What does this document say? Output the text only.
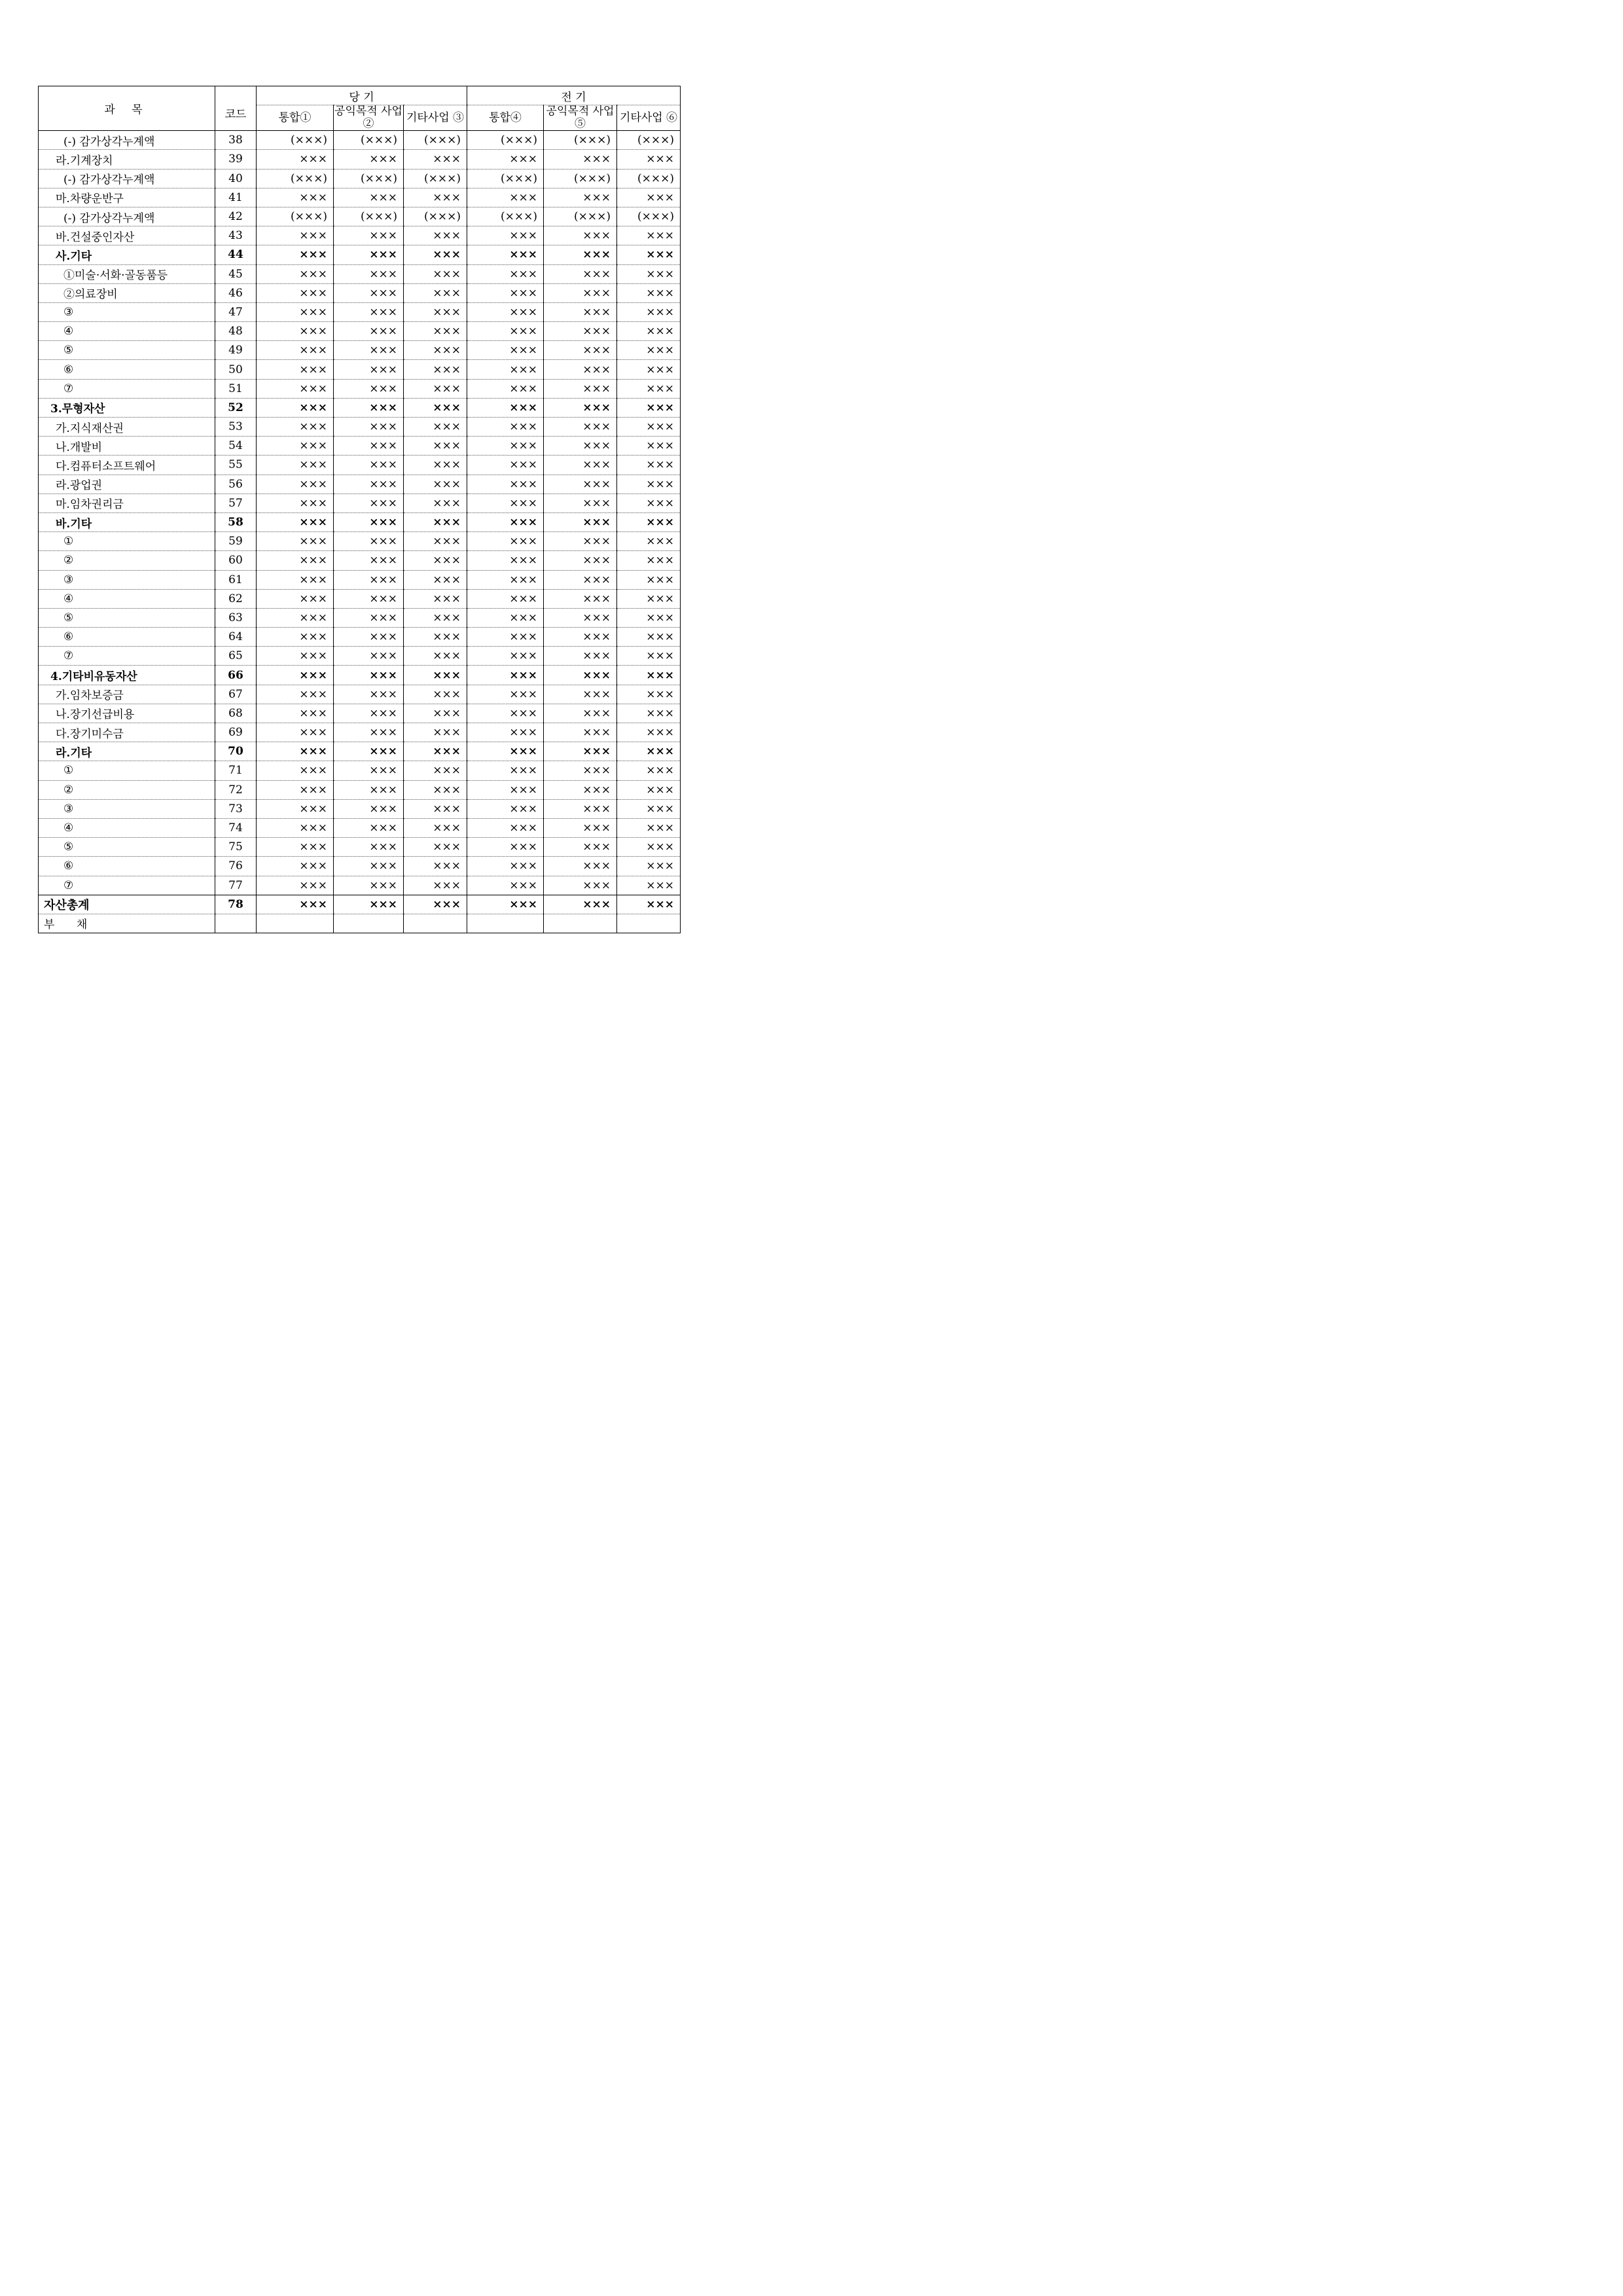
과 목	코드	당 기			전 기		
		통합①	공익목적 사업②	기타사업 ③	통합④	공익목적 사업⑤	기타사업 ⑥
(-) 감가상각누계액	38	(×××)	(×××)	(×××)	(×××)	(×××)	(×××)
라.기계장치	39	×××	×××	×××	×××	×××	×××
(-) 감가상각누계액	40	(×××)	(×××)	(×××)	(×××)	(×××)	(×××)
마.차량운반구	41	×××	×××	×××	×××	×××	×××
(-) 감가상각누계액	42	(×××)	(×××)	(×××)	(×××)	(×××)	(×××)
바.건설중인자산	43	×××	×××	×××	×××	×××	×××
사.기타	44	×××	×××	×××	×××	×××	×××
①미술·서화·골동품등	45	×××	×××	×××	×××	×××	×××
②의료장비	46	×××	×××	×××	×××	×××	×××
③	47	×××	×××	×××	×××	×××	×××
④	48	×××	×××	×××	×××	×××	×××
⑤	49	×××	×××	×××	×××	×××	×××
⑥	50	×××	×××	×××	×××	×××	×××
⑦	51	×××	×××	×××	×××	×××	×××
3.무형자산	52	×××	×××	×××	×××	×××	×××
가.지식재산권	53	×××	×××	×××	×××	×××	×××
나.개발비	54	×××	×××	×××	×××	×××	×××
다.컴퓨터소프트웨어	55	×××	×××	×××	×××	×××	×××
라.광업권	56	×××	×××	×××	×××	×××	×××
마.임차권리금	57	×××	×××	×××	×××	×××	×××
바.기타	58	×××	×××	×××	×××	×××	×××
①	59	×××	×××	×××	×××	×××	×××
②	60	×××	×××	×××	×××	×××	×××
③	61	×××	×××	×××	×××	×××	×××
④	62	×××	×××	×××	×××	×××	×××
⑤	63	×××	×××	×××	×××	×××	×××
⑥	64	×××	×××	×××	×××	×××	×××
⑦	65	×××	×××	×××	×××	×××	×××
4.기타비유동자산	66	×××	×××	×××	×××	×××	×××
가.임차보증금	67	×××	×××	×××	×××	×××	×××
나.장기선급비용	68	×××	×××	×××	×××	×××	×××
다.장기미수금	69	×××	×××	×××	×××	×××	×××
라.기타	70	×××	×××	×××	×××	×××	×××
①	71	×××	×××	×××	×××	×××	×××
②	72	×××	×××	×××	×××	×××	×××
③	73	×××	×××	×××	×××	×××	×××
④	74	×××	×××	×××	×××	×××	×××
⑤	75	×××	×××	×××	×××	×××	×××
⑥	76	×××	×××	×××	×××	×××	×××
⑦	77	×××	×××	×××	×××	×××	×××
자산총계	78	×××	×××	×××	×××	×××	×××
부 채							
